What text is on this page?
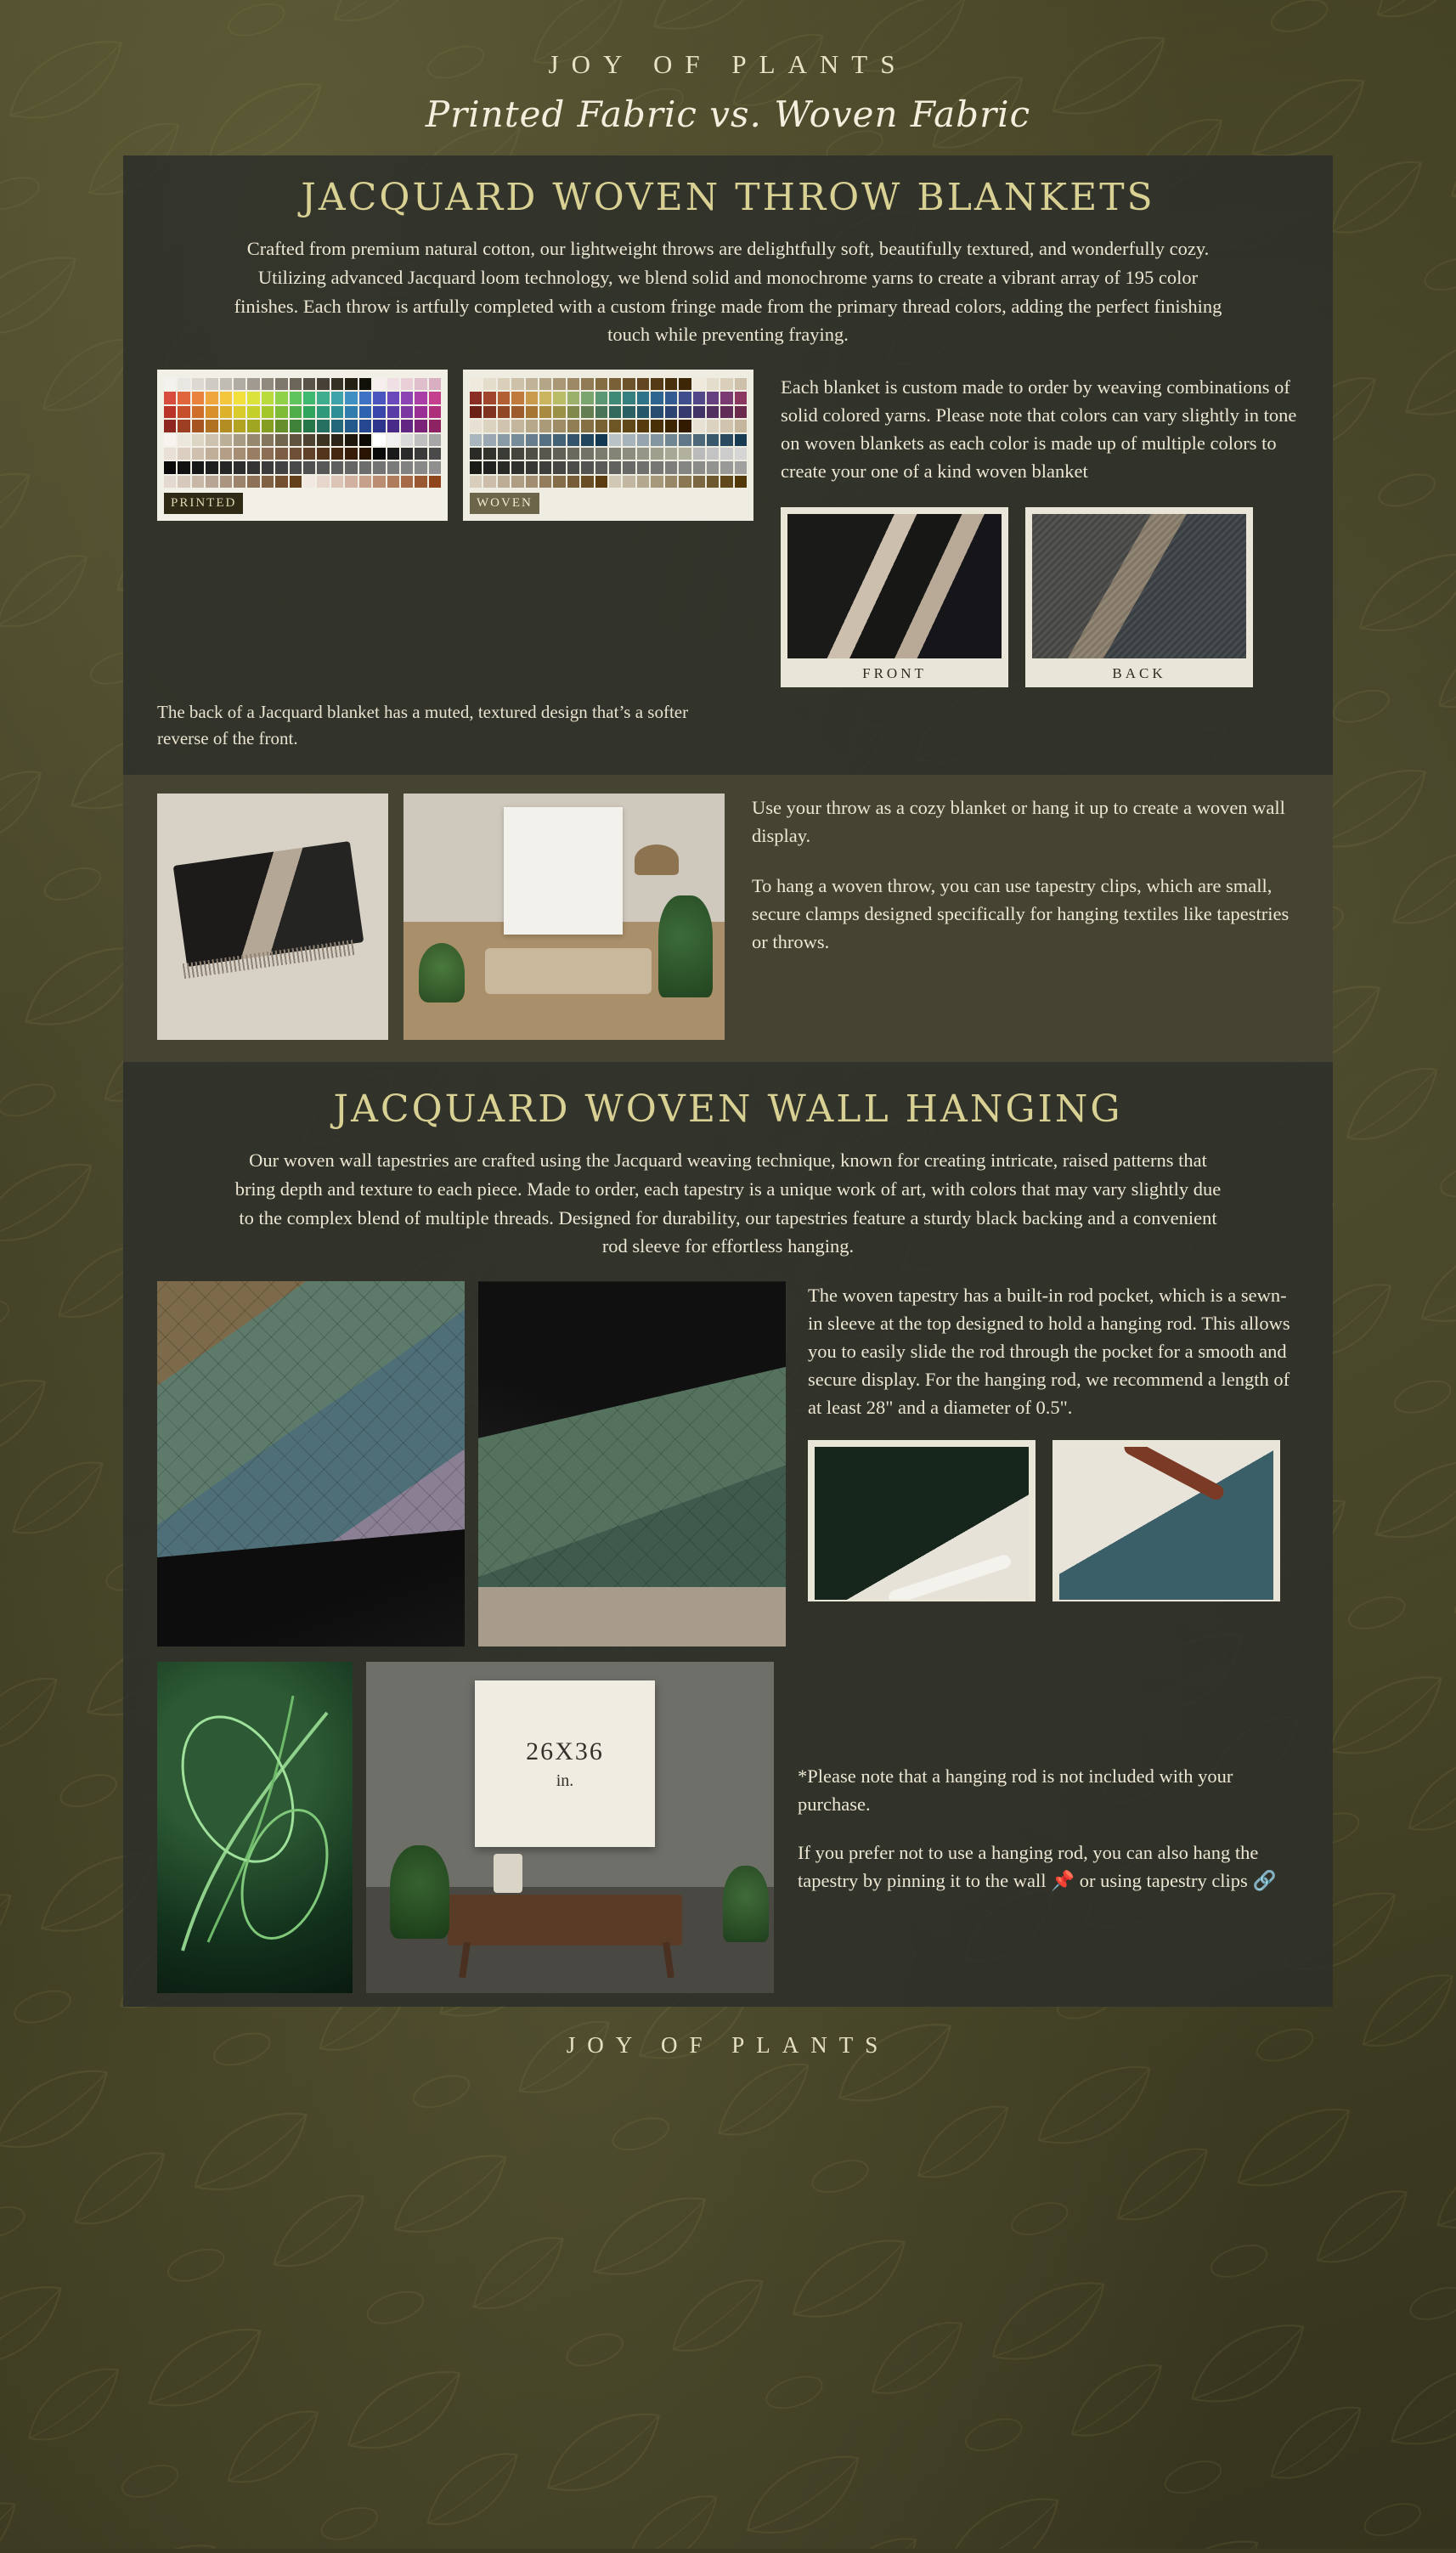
JOY OF PLANTS
Printed Fabric vs. Woven Fabric
JACQUARD WOVEN THROW BLANKETS

Crafted from premium natural cotton, our lightweight throws are delightfully soft, beautifully textured, and wonderfully cozy. Utilizing advanced Jacquard loom technology, we blend solid and monochrome yarns to create a vibrant array of 195 color finishes. Each throw is artfully completed with a custom fringe made from the primary thread colors, adding the perfect finishing touch while preventing fraying.

PRINTED	WOVEN

Each blanket is custom made to order by weaving combinations of solid colored yarns. Please note that colors can vary slightly in tone on woven blankets as each color is made up of multiple colors to create your one of a kind woven blanket

FRONT	BACK

The back of a Jacquard blanket has a muted, textured design that’s a softer reverse of the front.

Use your throw as a cozy blanket or hang it up to create a woven wall display.

To hang a woven throw, you can use tapestry clips, which are small, secure clamps designed specifically for hanging textiles like tapestries or throws.

JACQUARD WOVEN WALL HANGING

Our woven wall tapestries are crafted using the Jacquard weaving technique, known for creating intricate, raised patterns that bring depth and texture to each piece. Made to order, each tapestry is a unique work of art, with colors that may vary slightly due to the complex blend of multiple threads. Designed for durability, our tapestries feature a sturdy black backing and a convenient rod sleeve for effortless hanging.

The woven tapestry has a built-in rod pocket, which is a sewn-in sleeve at the top designed to hold a hanging rod. This allows you to easily slide the rod through the pocket for a smooth and secure display. For the hanging rod, we recommend a length of at least 28" and a diameter of 0.5".

26X36
in.	*Please note that a hanging rod is not included with your purchase.

If you prefer not to use a hanging rod, you can also hang the tapestry by pinning it to the wall 📌 or using tapestry clips 🔗

JOY OF PLANTS
